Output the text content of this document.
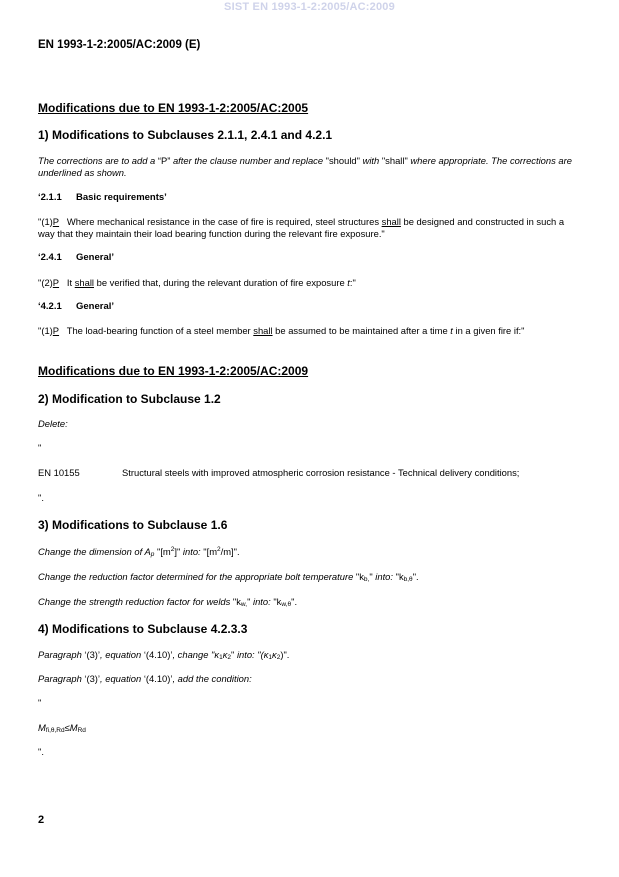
SIST EN 1993-1-2:2005/AC:2009
EN 1993-1-2:2005/AC:2009 (E)
Modifications due to EN 1993-1-2:2005/AC:2005
1) Modifications to Subclauses 2.1.1, 2.4.1 and 4.2.1
The corrections are to add a “P” after the clause number and replace "should" with "shall" where appropriate. The corrections are underlined as shown.
‘2.1.1 Basic requirements’
"(1)P Where mechanical resistance in the case of fire is required, steel structures shall be designed and constructed in such a way that they maintain their load bearing function during the relevant fire exposure."
‘2.4.1 General’
"(2)P It shall be verified that, during the relevant duration of fire exposure t:"
‘4.2.1 General’
"(1)P The load-bearing function of a steel member shall be assumed to be maintained after a time t in a given fire if:"
Modifications due to EN 1993-1-2:2005/AC:2009
2) Modification to Subclause 1.2
Delete:
"
EN 10155	Structural steels with improved atmospheric corrosion resistance - Technical delivery conditions;
".
3) Modifications to Subclause 1.6
Change the dimension of Ap "$[m^2]$" into: "$[m^2/m]$".
Change the reduction factor determined for the appropriate bolt temperature "kb," into: "kb,θ".
Change the strength reduction factor for welds "kw," into: "kw,θ".
4) Modifications to Subclause 4.2.3.3
Paragraph ‘(3)’, equation ‘(4.10)’, change "κ1κ2" into: "(κ1κ2)".
Paragraph ‘(3)’, equation ‘(4.10)’, add the condition:
"
Mfi,θ,Rd≤MRd
".
2
